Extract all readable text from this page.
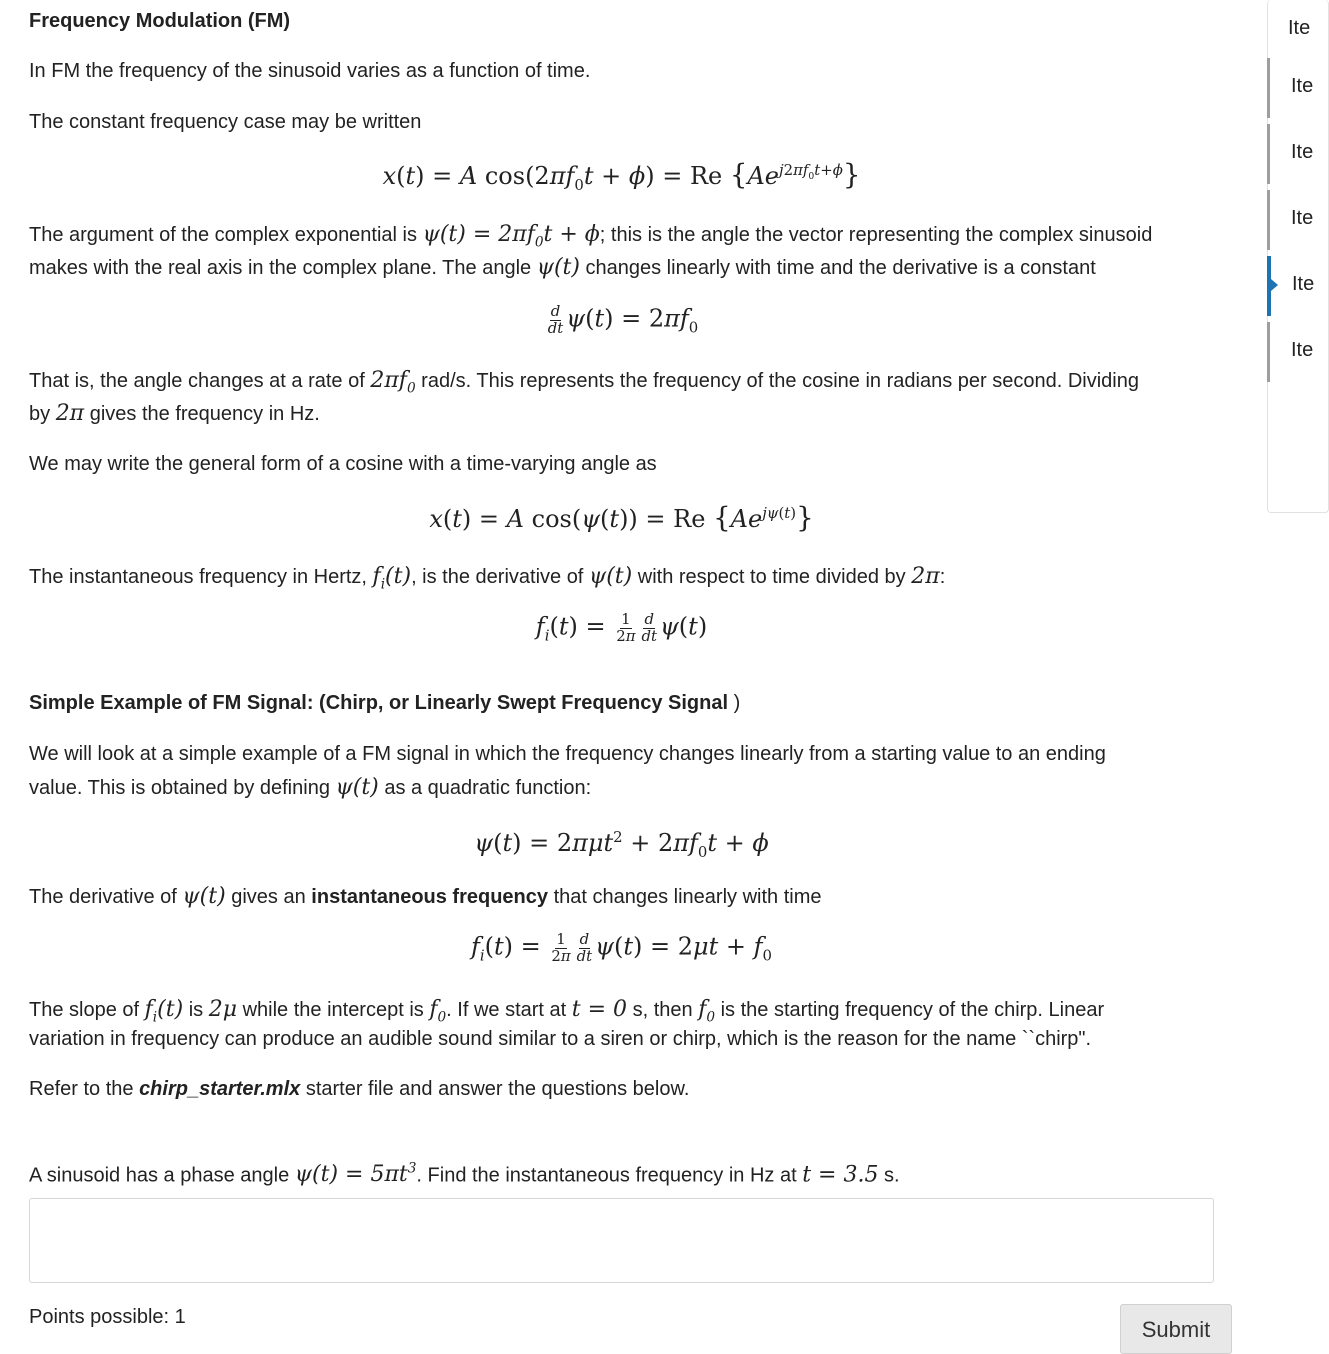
Frequency Modulation (FM)
In FM the frequency of the sinusoid varies as a function of time.
The constant frequency case may be written
x(t) = A $\cos(2\pi f_0t + \phi) = Re$ $\{Ae^{j2\pi f_0t+\phi}\}$
The argument of the complex exponential is $\psi(t) = 2\pi f_0t + \phi$; this is the angle the vector representing the complex sinusoid
makes with the real axis in the complex plane. The angle ψ(t) changes linearly with time and the derivative is a constant
$\frac{d}{dt} \psi(t) = 2\pi f_0$
That is, the angle changes at a rate of $2\pi f_0$ rad/s. This represents the frequency of the cosine in radians per second. Dividing
by 2π gives the frequency in Hz.
We may write the general form of a cosine with a time-varying angle as
x(t) = A cos(ψ(t)) = Re $\{Ae^{j\psi(t)}\}$
The instantaneous frequency in Hertz, $f_i(t)$, is the derivative of ψ(t) with respect to time divided by 2π:
$f_i(t) = \frac{1}{2\pi} \frac{d}{dt} \psi(t)$
Simple Example of FM Signal: (Chirp, or Linearly Swept Frequency Signal )
We will look at a simple example of a FM signal in which the frequency changes linearly from a starting value to an ending
value. This is obtained by defining ψ(t) as a quadratic function:
$\psi(t) = 2\pi\mu t^2 + 2\pi f_0t + \phi$
The derivative of ψ(t) gives an instantaneous frequency that changes linearly with time
$f_i(t) = \frac{1}{2\pi} \frac{d}{dt} \psi(t) = 2\mu t + f_0$
The slope of $f_i(t)$ is 2μ while the intercept is $f_0$. If we start at t = 0 s, then $f_0$ is the starting frequency of the chirp. Linear
variation in frequency can produce an audible sound similar to a siren or chirp, which is the reason for the name ``chirp".
Refer to the chirp_starter.mlx starter file and answer the questions below.
A sinusoid has a phase angle $\psi(t) = 5\pi t^3$. Find the instantaneous frequency in Hz at t = 3.5 s.
Points possible: 1	Submit
Ite
Ite
Ite
Ite
Ite
Ite
